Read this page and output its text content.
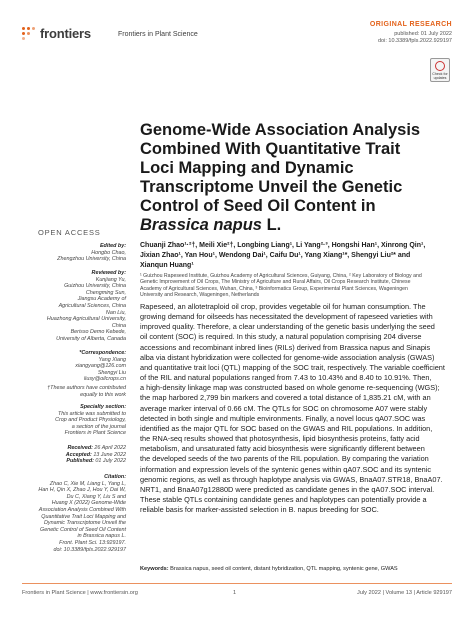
frontiers	Frontiers in Plant Science
ORIGINAL RESEARCH
published: 01 July 2022
doi: 10.3389/fpls.2022.929197
Check for updates
Genome-Wide Association Analysis
Combined With Quantitative Trait
Loci Mapping and Dynamic
Transcriptome Unveil the Genetic
Control of Seed Oil Content in
Brassica napus L.
OPEN ACCESS
Edited by:
Hongbo Chao,
Zhengzhou University, China
Reviewed by:
Kunjiang Yu,
Guizhou University, China
Chengming Sun,
Jiangsu Academy of
Agricultural Sciences, China
Nan Liu,
Huazhong Agricultural University,
China
Berisso Demo Kebede,
University of Alberta, Canada
*Correspondence:
Yang Xiang
xiangyang@126.com
Shengyi Liu
liusy@oilcrops.cn
†These authors have contributed
equally to this work
Specialty section:
This article was submitted to
Crop and Product Physiology,
a section of the journal
Frontiers in Plant Science
Received: 26 April 2022
Accepted: 13 June 2022
Published: 01 July 2022
Citation:
Zhao C, Xie M, Liang L, Yang L,
Han H, Qin X, Zhao J, Hou Y, Dai W,
Du C, Xiang Y, Liu S and
Huang X (2022) Genome-Wide
Association Analysis Combined With
Quantitative Trait Loci Mapping and
Dynamic Transcriptome Unveil the
Genetic Control of Seed Oil Content
in Brassica napus L.
Front. Plant Sci. 13:929197.
doi: 10.3389/fpls.2022.929197
Chuanji Zhao¹·²†, Meili Xie²†, Longbing Liang¹, Li Yang²·³, Hongshi Han¹, Xinrong Qin¹,
Jixian Zhao¹, Yan Hou¹, Wendong Dai¹, Caifu Du¹, Yang Xiang¹*, Shengyi Liu²* and
Xianqun Huang¹
¹ Guizhou Rapeseed Institute, Guizhou Academy of Agricultural Sciences, Guiyang, China, ² Key Laboratory of Biology and
Genetic Improvement of Oil Crops, The Ministry of Agriculture and Rural Affairs, Oil Crops Research Institute, Chinese
Academy of Agricultural Sciences, Wuhan, China, ³ Bioinformatics Group, Experimental Plant Sciences, Wageningen
University and Research, Wageningen, Netherlands
Rapeseed, an allotetraploid oil crop, provides vegetable oil for human consumption. The
growing demand for oilseeds has necessitated the development of rapeseed varieties with
improved quality. Therefore, a clear understanding of the genetic basis underlying the seed
oil content (SOC) is required. In this study, a natural population comprising 204 diverse
accessions and recombinant inbred lines (RILs) derived from Brassica napus and Sinapis
alba via distant hybridization were collected for genome-wide association analysis (GWAS)
and quantitative trait loci (QTL) mapping of the SOC trait, respectively. The variable coefficient
of the RIL and natural populations ranged from 7.43 to 10.43% and 8.40 to 10.91%. Then,
a high-density linkage map was constructed based on whole genome re-sequencing (WGS);
the map harbored 2,799 bin markers and covered a total distance of 1,835.21 cM, with an
average marker interval of 0.66 cM. The QTLs for SOC on chromosome A07 were stably
detected in both single and multiple environments. Finally, a novel locus qA07.SOC was
identified as the major QTL for SOC based on the GWAS and RIL populations. In addition,
the RNA-seq results showed that photosynthesis, lipid biosynthesis proteins, fatty acid
metabolism, and unsaturated fatty acid biosynthesis were significantly different between
the developed seeds of the two parents of the RIL population. By comparing the variation
information and expression levels of the syntenic genes within qA07.SOC and its syntenic
genomic regions, as well as through haplotype analysis via GWAS, BnaA07.STR18, BnaA07.
NRT1, and BnaA07g12880D were predicted as candidate genes in the qA07.SOC interval.
These stable QTLs containing candidate genes and haplotypes can potentially provide a
reliable basis for marker-assisted selection in B. napus breeding for SOC.
Keywords: Brassica napus, seed oil content, distant hybridization, QTL mapping, syntenic gene, GWAS
Frontiers in Plant Science | www.frontiersin.org	1	July 2022 | Volume 13 | Article 929197
